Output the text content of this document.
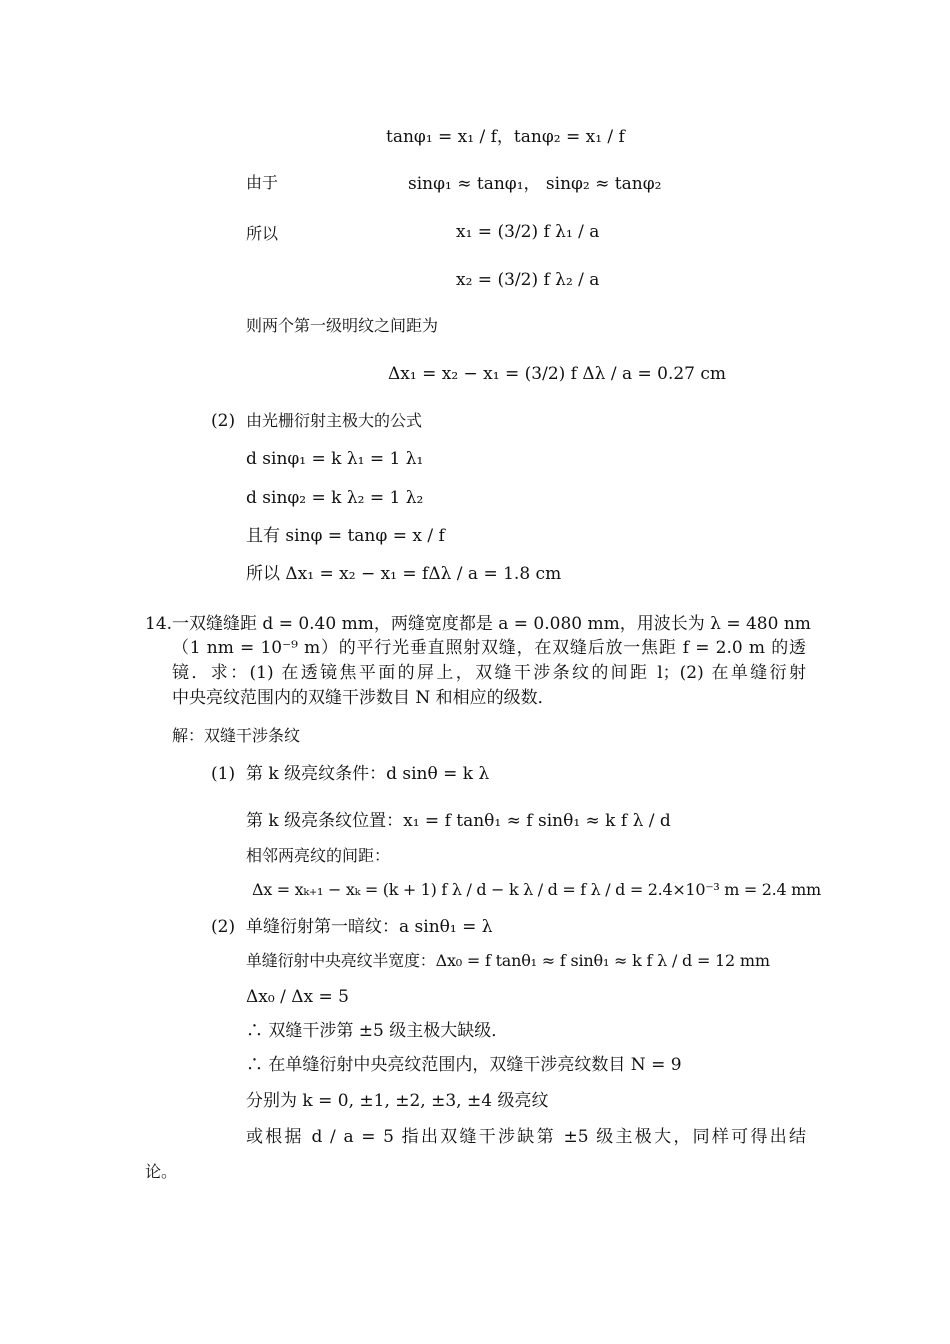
tanφ₁ = x₁ / f，tanφ₂ = x₁ / f
由于	sinφ₁ ≈ tanφ₁， sinφ₂ ≈ tanφ₂
所以	x₁ = (3/2) f λ₁ / a
x₂ = (3/2) f λ₂ / a
则两个第一级明纹之间距为
Δx₁ = x₂ − x₁ = (3/2) f Δλ / a = 0.27 cm
(2) 由光栅衍射主极大的公式
d sinφ₁ = k λ₁ = 1 λ₁
d sinφ₂ = k λ₂ = 1 λ₂
且有 sinφ = tanφ = x / f
所以 Δx₁ = x₂ − x₁ = fΔλ / a = 1.8 cm
14. 一双缝缝距 d = 0.40 mm，两缝宽度都是 a = 0.080 mm，用波长为 λ = 480 nm
（1 nm = 10⁻⁹ m）的平行光垂直照射双缝，在双缝后放一焦距 f = 2.0 m 的透
镜．求：(1) 在透镜焦平面的屏上，双缝干涉条纹的间距 l；(2) 在单缝衍射
中央亮纹范围内的双缝干涉数目 N 和相应的级数．
解：双缝干涉条纹
(1) 第 k 级亮纹条件：d sinθ = k λ
第 k 级亮条纹位置：x₁ = f tanθ₁ ≈ f sinθ₁ ≈ k f λ / d
相邻两亮纹的间距：
Δx = xₖ₊₁ − xₖ = (k + 1) f λ / d − k λ / d = f λ / d = 2.4×10⁻³ m = 2.4 mm
(2) 单缝衍射第一暗纹：a sinθ₁ = λ
单缝衍射中央亮纹半宽度：Δx₀ = f tanθ₁ ≈ f sinθ₁ ≈ k f λ / d = 12 mm
Δx₀ / Δx = 5
∴ 双缝干涉第 ±5 级主极大缺级．
∴ 在单缝衍射中央亮纹范围内，双缝干涉亮纹数目 N = 9
分别为 k = 0, ±1, ±2, ±3, ±4 级亮纹
或根据 d / a = 5 指出双缝干涉缺第 ±5 级主极大，同样可得出结
论。
